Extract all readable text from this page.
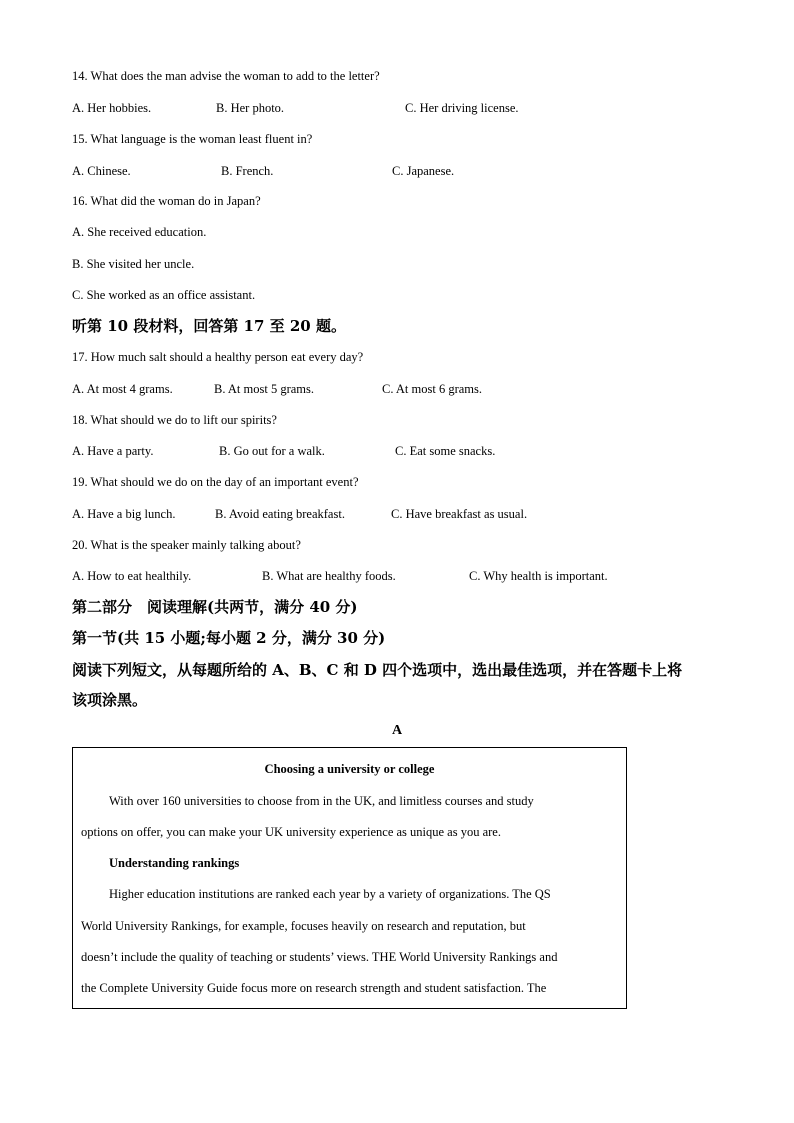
14. What does the man advise the woman to add to the letter?
A. Her hobbies.	B. Her photo.	C. Her driving license.
15. What language is the woman least fluent in?
A. Chinese.	B. French.	C. Japanese.
16. What did the woman do in Japan?
A. She received education.
B. She visited her uncle.
C. She worked as an office assistant.
听第 10 段材料，回答第 17 至 20 题。
17. How much salt should a healthy person eat every day?
A. At most 4 grams.	B. At most 5 grams.	C. At most 6 grams.
18. What should we do to lift our spirits?
A. Have a party.	B. Go out for a walk.	C. Eat some snacks.
19. What should we do on the day of an important event?
A. Have a big lunch.	B. Avoid eating breakfast.	C. Have breakfast as usual.
20. What is the speaker mainly talking about?
A. How to eat healthily.	B. What are healthy foods.	C. Why health is important.
第二部分　阅读理解(共两节，满分 40 分)
第一节(共 15 小题;每小题 2 分，满分 30 分)
阅读下列短文，从每题所给的 A、B、C 和 D 四个选项中，选出最佳选项，并在答题卡上将
该项涂黑。
A
Choosing a university or college
With over 160 universities to choose from in the UK, and limitless courses and study
options on offer, you can make your UK university experience as unique as you are.
Understanding rankings
Higher education institutions are ranked each year by a variety of organizations. The QS
World University Rankings, for example, focuses heavily on research and reputation, but
doesn’t include the quality of teaching or students’ views. THE World University Rankings and
the Complete University Guide focus more on research strength and student satisfaction. The
